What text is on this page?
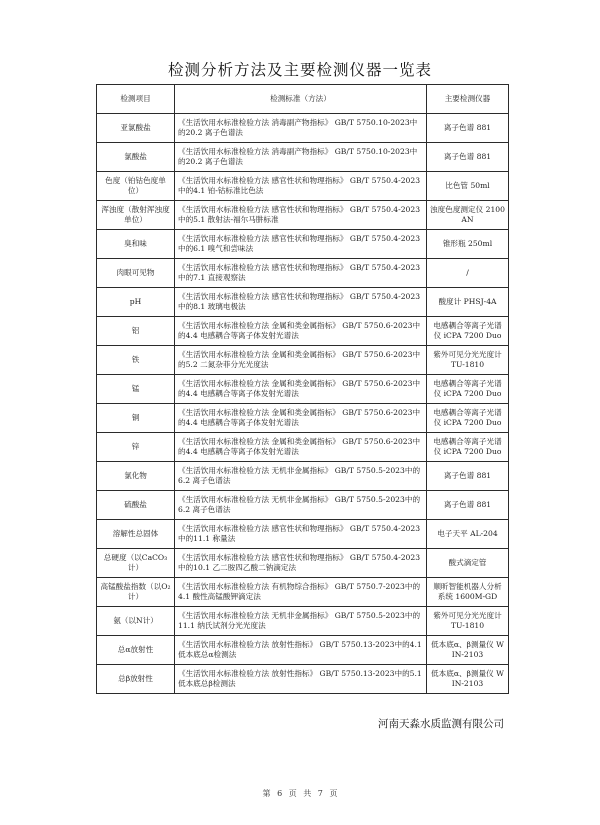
检测分析方法及主要检测仪器一览表
检测项目	检测标准（方法）	主要检测仪器
亚氯酸盐	《生活饮用水标准检验方法 消毒副产物指标》 GB/T 5750.10-2023中的20.2 离子色谱法	离子色谱 881
氯酸盐	《生活饮用水标准检验方法 消毒副产物指标》 GB/T 5750.10-2023中的20.2 离子色谱法	离子色谱 881
色度（铂钴色度单位）	《生活饮用水标准检验方法 感官性状和物理指标》 GB/T 5750.4-2023中的4.1 铂-钴标准比色法	比色管 50ml
浑浊度（散射浑浊度单位）	《生活饮用水标准检验方法 感官性状和物理指标》 GB/T 5750.4-2023中的5.1 散射法-福尔马肼标准	浊度色度测定仪 2100AN
臭和味	《生活饮用水标准检验方法 感官性状和物理指标》 GB/T 5750.4-2023中的6.1 嗅气和尝味法	锥形瓶 250ml
肉眼可见物	《生活饮用水标准检验方法 感官性状和物理指标》 GB/T 5750.4-2023中的7.1 直接观察法	/
pH	《生活饮用水标准检验方法 感官性状和物理指标》 GB/T 5750.4-2023中的8.1 玻璃电极法	酸度计 PHSJ-4A
铝	《生活饮用水标准检验方法 金属和类金属指标》 GB/T 5750.6-2023中的4.4 电感耦合等离子体发射光谱法	电感耦合等离子光谱仪 iCPA 7200 Duo
铁	《生活饮用水标准检验方法 金属和类金属指标》 GB/T 5750.6-2023中的5.2 二氮杂菲分光光度法	紫外可见分光光度计 TU-1810
锰	《生活饮用水标准检验方法 金属和类金属指标》 GB/T 5750.6-2023中的4.4 电感耦合等离子体发射光谱法	电感耦合等离子光谱仪 iCPA 7200 Duo
铜	《生活饮用水标准检验方法 金属和类金属指标》 GB/T 5750.6-2023中的4.4 电感耦合等离子体发射光谱法	电感耦合等离子光谱仪 iCPA 7200 Duo
锌	《生活饮用水标准检验方法 金属和类金属指标》 GB/T 5750.6-2023中的4.4 电感耦合等离子体发射光谱法	电感耦合等离子光谱仪 iCPA 7200 Duo
氯化物	《生活饮用水标准检验方法 无机非金属指标》 GB/T 5750.5-2023中的6.2 离子色谱法	离子色谱 881
硫酸盐	《生活饮用水标准检验方法 无机非金属指标》 GB/T 5750.5-2023中的6.2 离子色谱法	离子色谱 881
溶解性总固体	《生活饮用水标准检验方法 感官性状和物理指标》 GB/T 5750.4-2023中的11.1 称量法	电子天平 AL-204
总硬度（以CaCO₃计）	《生活饮用水标准检验方法 感官性状和物理指标》 GB/T 5750.4-2023中的10.1 乙二胺四乙酸二钠滴定法	酸式滴定管
高锰酸盐指数（以O₂计）	《生活饮用水标准检验方法 有机物综合指标》 GB/T 5750.7-2023中的4.1 酸性高锰酸钾滴定法	顺昕智能机器人分析系统 1600M-GD
氨（以N计）	《生活饮用水标准检验方法 无机非金属指标》 GB/T 5750.5-2023中的11.1 纳氏试剂分光光度法	紫外可见分光光度计 TU-1810
总α放射性	《生活饮用水标准检验方法 放射性指标》 GB/T 5750.13-2023中的4.1 低本底总α检测法	低本底α、β测量仪 WIN-2103
总β放射性	《生活饮用水标准检验方法 放射性指标》 GB/T 5750.13-2023中的5.1 低本底总β检测法	低本底α、β测量仪 WIN-2103
河南天淼水质监测有限公司
第 6 页 共 7 页
